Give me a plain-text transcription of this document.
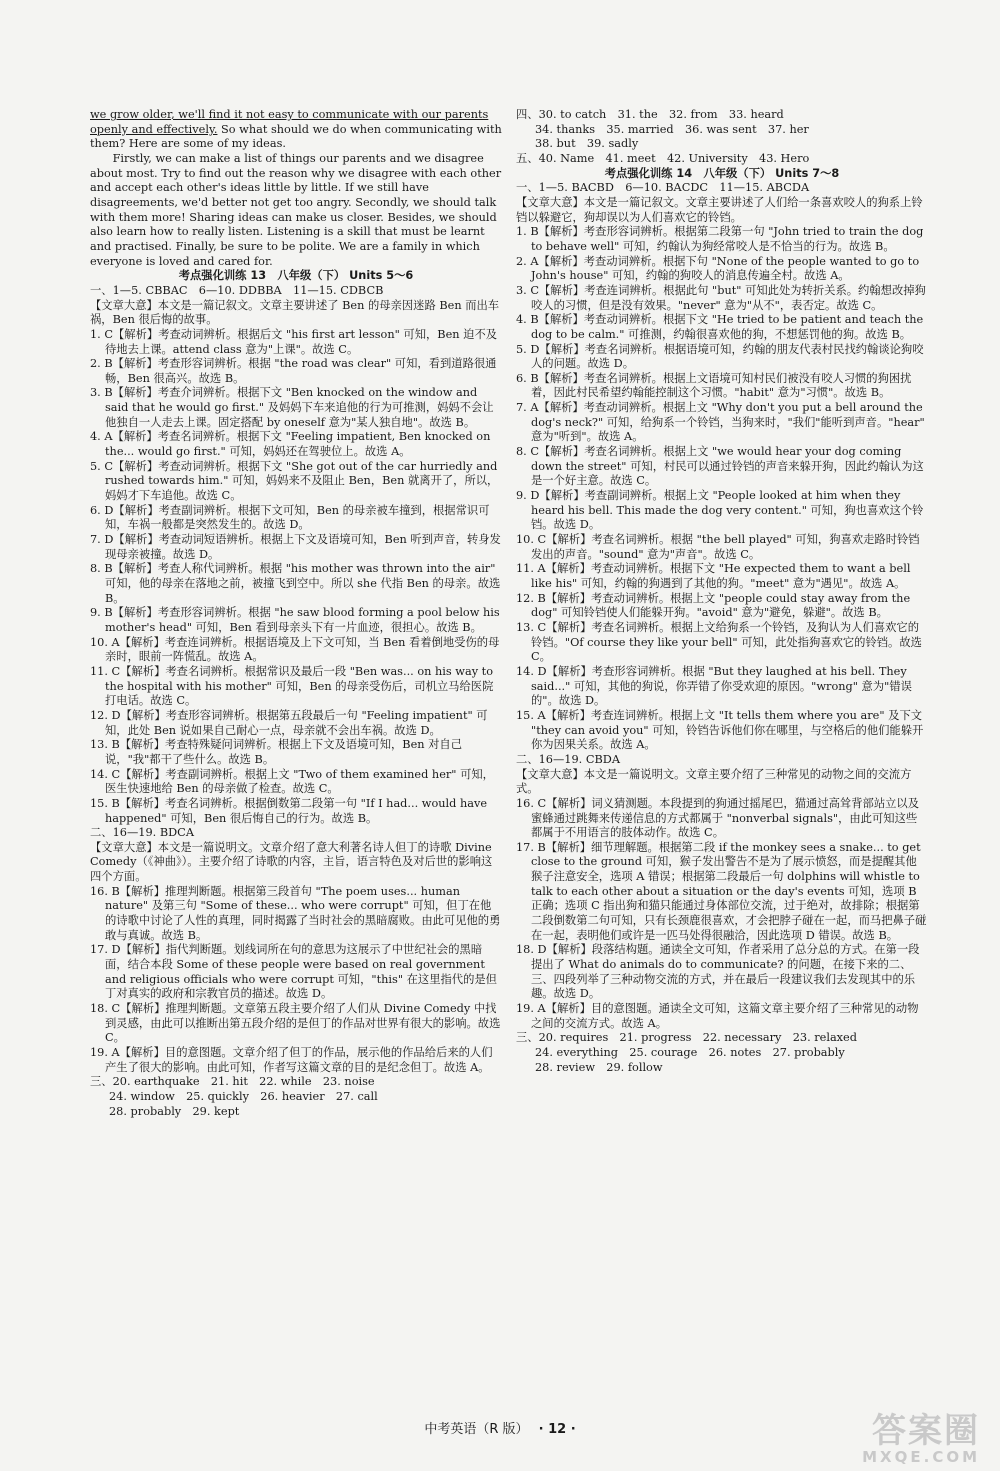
we grow older, we'll find it not easy to communicate with our parents openly and effectively. So what should we do when communicating with them? Here are some of my ideas.

Firstly, we can make a list of things our parents and we disagree about most. Try to find out the reason why we disagree with each other and accept each other's ideas little by little. If we still have disagreements, we'd better not get too angry. Secondly, we should talk with them more! Sharing ideas can make us closer. Besides, we should also learn how to really listen. Listening is a skill that must be learnt and practised. Finally, be sure to be polite. We are a family in which everyone is loved and cared for.

考点强化训练 13　八年级（下） Units 5～6

一、1—5. CBBAC　6—10. DDBBA　11—15. CDBCB

【文章大意】本文是一篇记叙文。文章主要讲述了 Ben 的母亲因迷路 Ben 而出车祸，Ben 很后悔的故事。

1. C【解析】考查动词辨析。根据后文 "his first art lesson" 可知，Ben 迫不及待地去上课。attend class 意为"上课"。故选 C。

2. B【解析】考查形容词辨析。根据 "the road was clear" 可知，看到道路很通畅，Ben 很高兴。故选 B。

3. B【解析】考查介词辨析。根据下文 "Ben knocked on the window and said that he would go first." 及妈妈下车来追他的行为可推测，妈妈不会让他独自一人走去上课。固定搭配 by oneself 意为"某人独自地"。故选 B。

4. A【解析】考查名词辨析。根据下文 "Feeling impatient, Ben knocked on the... would go first." 可知，妈妈还在驾驶位上。故选 A。

5. C【解析】考查动词辨析。根据下文 "She got out of the car hurriedly and rushed towards him." 可知，妈妈来不及阻止 Ben，Ben 就离开了，所以，妈妈才下车追他。故选 C。

6. D【解析】考查副词辨析。根据下文可知，Ben 的母亲被车撞到，根据常识可知，车祸一般都是突然发生的。故选 D。

7. D【解析】考查动词短语辨析。根据上下文及语境可知，Ben 听到声音，转身发现母亲被撞。故选 D。

8. B【解析】考查人称代词辨析。根据 "his mother was thrown into the air" 可知，他的母亲在落地之前，被撞飞到空中。所以 she 代指 Ben 的母亲。故选 B。

9. B【解析】考查形容词辨析。根据 "he saw blood forming a pool below his mother's head" 可知，Ben 看到母亲头下有一片血迹，很担心。故选 B。

10. A【解析】考查连词辨析。根据语境及上下文可知，当 Ben 看着倒地受伤的母亲时，眼前一阵慌乱。故选 A。

11. C【解析】考查名词辨析。根据常识及最后一段 "Ben was... on his way to the hospital with his mother" 可知，Ben 的母亲受伤后，司机立马给医院打电话。故选 C。

12. D【解析】考查形容词辨析。根据第五段最后一句 "Feeling impatient" 可知，此处 Ben 说如果自己耐心一点，母亲就不会出车祸。故选 D。

13. B【解析】考查特殊疑问词辨析。根据上下文及语境可知，Ben 对自己说，"我"都干了些什么。故选 B。

14. C【解析】考查副词辨析。根据上文 "Two of them examined her" 可知，医生快速地给 Ben 的母亲做了检查。故选 C。

15. B【解析】考查名词辨析。根据倒数第二段第一句 "If I had... would have happened" 可知，Ben 很后悔自己的行为。故选 B。

二、16—19. BDCA

【文章大意】本文是一篇说明文。文章介绍了意大利著名诗人但丁的诗歌 Divine Comedy（《神曲》）。主要介绍了诗歌的内容，主旨，语言特色及对后世的影响这四个方面。

16. B【解析】推理判断题。根据第三段首句 "The poem uses... human nature" 及第三句 "Some of these... who were corrupt" 可知，但丁在他的诗歌中讨论了人性的真理，同时揭露了当时社会的黑暗腐败。由此可见他的勇敢与真诚。故选 B。

17. D【解析】指代判断题。划线词所在句的意思为这展示了中世纪社会的黑暗面，结合本段 Some of these people were based on real government and religious officials who were corrupt 可知，"this" 在这里指代的是但丁对真实的政府和宗教官员的描述。故选 D。

18. C【解析】推理判断题。文章第五段主要介绍了人们从 Divine Comedy 中找到灵感，由此可以推断出第五段介绍的是但丁的作品对世界有很大的影响。故选 C。

19. A【解析】目的意图题。文章介绍了但丁的作品，展示他的作品给后来的人们产生了很大的影响。由此可知，作者写这篇文章的目的是纪念但丁。故选 A。

三、20. earthquake　21. hit　22. while　23. noise

24. window　25. quickly　26. heavier　27. call

28. probably　29. kept

四、30. to catch　31. the　32. from　33. heard

34. thanks　35. married　36. was sent　37. her

38. but　39. sadly

五、40. Name　41. meet　42. University　43. Hero

考点强化训练 14　八年级（下） Units 7～8

一、1—5. BACBD　6—10. BACDC　11—15. ABCDA

【文章大意】本文是一篇记叙文。文章主要讲述了人们给一条喜欢咬人的狗系上铃铛以躲避它，狗却误以为人们喜欢它的铃铛。

1. B【解析】考查形容词辨析。根据第二段第一句 "John tried to train the dog to behave well" 可知，约翰认为狗经常咬人是不恰当的行为。故选 B。

2. A【解析】考查动词辨析。根据下句 "None of the people wanted to go to John's house" 可知，约翰的狗咬人的消息传遍全村。故选 A。

3. C【解析】考查连词辨析。根据此句 "but" 可知此处为转折关系。约翰想改掉狗咬人的习惯，但是没有效果。"never" 意为"从不"，表否定。故选 C。

4. B【解析】考查动词辨析。根据下文 "He tried to be patient and teach the dog to be calm." 可推测，约翰很喜欢他的狗，不想惩罚他的狗。故选 B。

5. D【解析】考查名词辨析。根据语境可知，约翰的朋友代表村民找约翰谈论狗咬人的问题。故选 D。

6. B【解析】考查名词辨析。根据上文语境可知村民们被没有咬人习惯的狗困扰着，因此村民希望约翰能控制这个习惯。"habit" 意为"习惯"。故选 B。

7. A【解析】考查动词辨析。根据上文 "Why don't you put a bell around the dog's neck?" 可知，给狗系一个铃铛，当狗来时，"我们"能听到声音。"hear" 意为"听到"。故选 A。

8. C【解析】考查名词辨析。根据上文 "we would hear your dog coming down the street" 可知，村民可以通过铃铛的声音来躲开狗，因此约翰认为这是一个好主意。故选 C。

9. D【解析】考查副词辨析。根据上文 "People looked at him when they heard his bell. This made the dog very content." 可知，狗也喜欢这个铃铛。故选 D。

10. C【解析】考查名词辨析。根据 "the bell played" 可知，狗喜欢走路时铃铛发出的声音。"sound" 意为"声音"。故选 C。

11. A【解析】考查动词辨析。根据下文 "He expected them to want a bell like his" 可知，约翰的狗遇到了其他的狗。"meet" 意为"遇见"。故选 A。

12. B【解析】考查动词辨析。根据上文 "people could stay away from the dog" 可知铃铛使人们能躲开狗。"avoid" 意为"避免，躲避"。故选 B。

13. C【解析】考查名词辨析。根据上文给狗系一个铃铛，及狗认为人们喜欢它的铃铛。"Of course they like your bell" 可知，此处指狗喜欢它的铃铛。故选 C。

14. D【解析】考查形容词辨析。根据 "But they laughed at his bell. They said..." 可知，其他的狗说，你弄错了你受欢迎的原因。"wrong" 意为"错误的"。故选 D。

15. A【解析】考查连词辨析。根据上文 "It tells them where you are" 及下文 "they can avoid you" 可知，铃铛告诉他们你在哪里，与空格后的他们能躲开你为因果关系。故选 A。

二、16—19. CBDA

【文章大意】本文是一篇说明文。文章主要介绍了三种常见的动物之间的交流方式。

16. C【解析】词义猜测题。本段提到的狗通过摇尾巴，猫通过高耸背部站立以及蜜蜂通过跳舞来传递信息的方式都属于 "nonverbal signals"，由此可知这些都属于不用语言的肢体动作。故选 C。

17. B【解析】细节理解题。根据第二段 if the monkey sees a snake... to get close to the ground 可知，猴子发出警告不是为了展示愤怒，而是提醒其他猴子注意安全，选项 A 错误；根据第二段最后一句 dolphins will whistle to talk to each other about a situation or the day's events 可知，选项 B 正确；选项 C 指出狗和猫只能通过身体部位交流，过于绝对，故排除；根据第二段倒数第二句可知，只有长颈鹿很喜欢，才会把脖子碰在一起，而马把鼻子碰在一起，表明他们或许是一匹马处得很融洽，因此选项 D 错误。故选 B。

18. D【解析】段落结构题。通读全文可知，作者采用了总分总的方式。在第一段提出了 What do animals do to communicate? 的问题，在接下来的二、三、四段列举了三种动物交流的方式，并在最后一段建议我们去发现其中的乐趣。故选 D。

19. A【解析】目的意图题。通读全文可知，这篇文章主要介绍了三种常见的动物之间的交流方式。故选 A。

三、20. requires　21. progress　22. necessary　23. relaxed

24. everything　25. courage　26. notes　27. probably

28. review　29. follow

中考英语（R 版） · 12 ·	答案圈
MXQE.COM
